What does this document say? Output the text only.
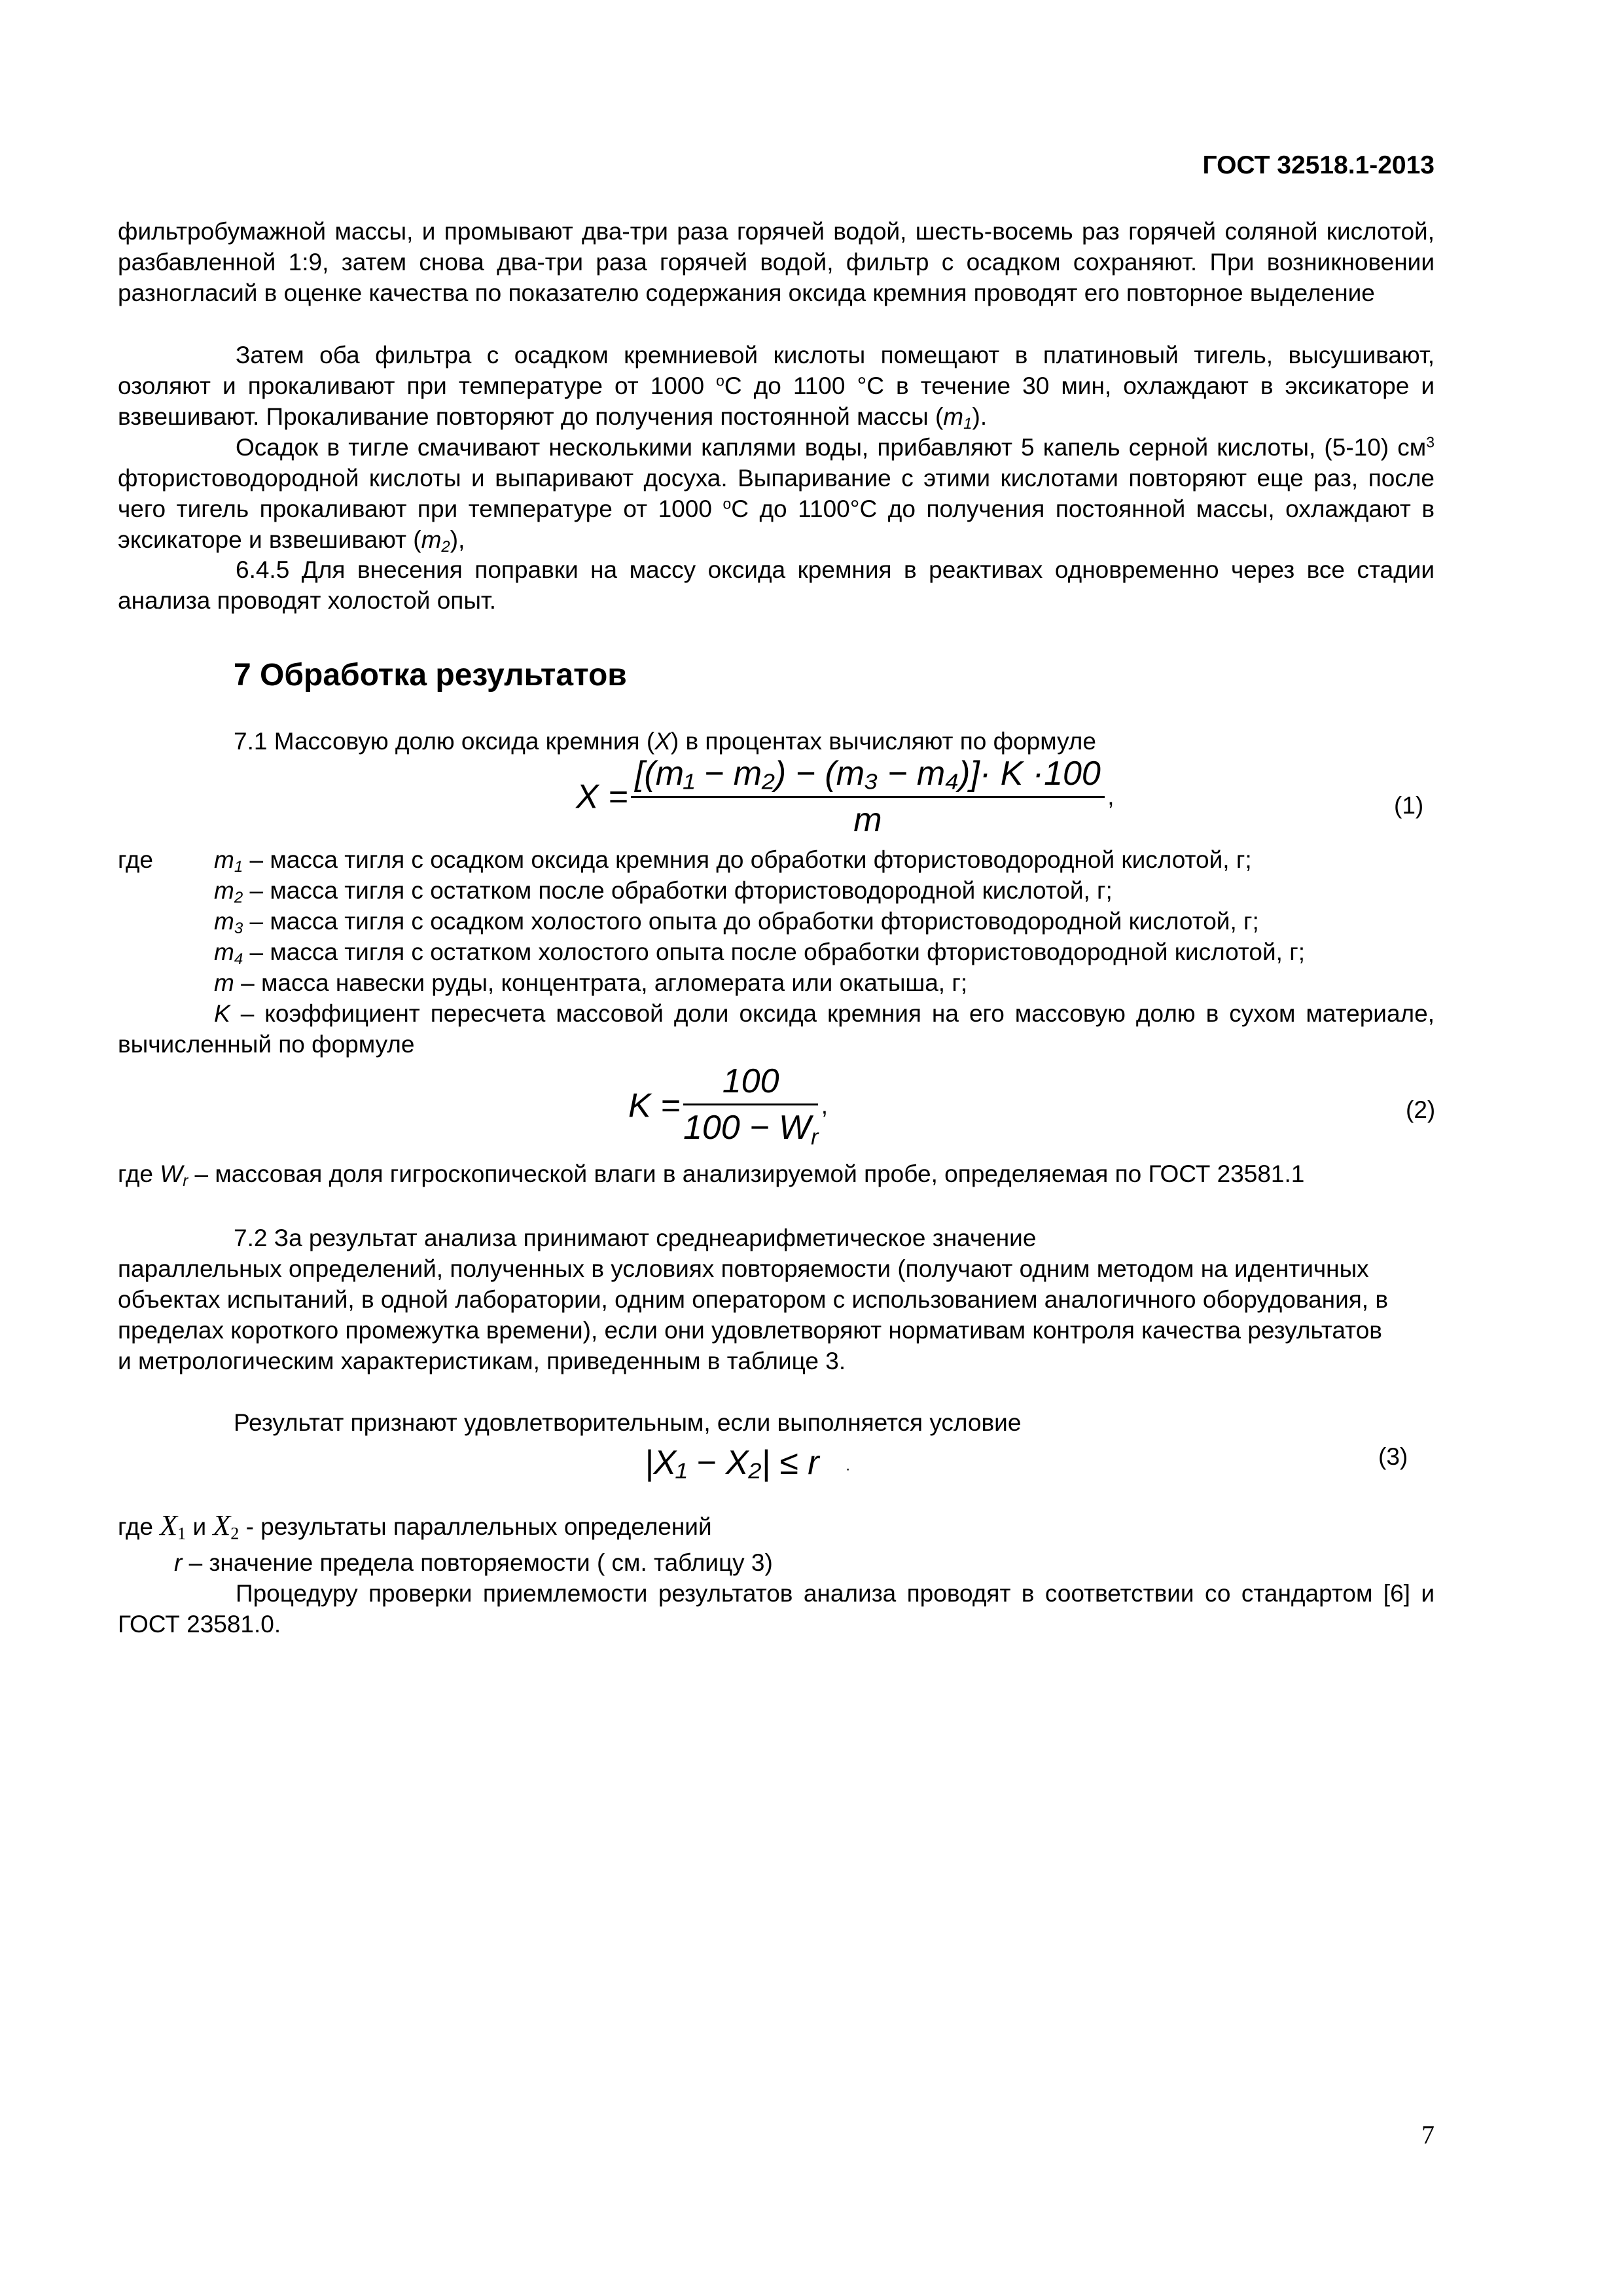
ГОСТ 32518.1-2013
фильтробумажной массы, и промывают два-три раза горячей водой, шесть-восемь раз горячей соляной кислотой, разбавленной 1:9, затем снова два-три раза горячей водой, фильтр с осадком сохраняют. При возникновении разногласий в оценке качества по показателю содержания оксида кремния проводят его повторное выделение
Затем оба фильтра с осадком кремниевой кислоты помещают в платиновый тигель, высушивают, озоляют и прокаливают при температуре от 1000 $^o$С до 1100 °С в течение 30 мин, охлаждают в эксикаторе и взвешивают. Прокаливание повторяют до получения постоянной массы $(m_1)$.
Осадок в тигле смачивают несколькими каплями воды, прибавляют 5 капель серной кислоты, (5-10) $см^3$ фтористоводородной кислоты и выпаривают досуха. Выпаривание с этими кислотами повторяют еще раз, после чего тигель прокаливают при температуре от 1000 $^o$С до 1100°С до получения постоянной массы, охлаждают в эксикаторе и взвешивают $(m_2)$,
6.4.5 Для внесения поправки на массу оксида кремния в реактивах одновременно через все стадии анализа проводят холостой опыт.
7 Обработка результатов
7.1 Массовую долю оксида кремния (X) в процентах вычисляют по формуле
$X = \frac{\text{[(m₁ − m₂) − (m₃ − m₄)]· K ·100}}{m}$ ,	(1)
где	$m_1$ – масса тигля с осадком оксида кремния до обработки фтористоводородной кислотой, г;
$m_2$ – масса тигля с остатком после обработки фтористоводородной кислотой, г;
$m_3$ – масса тигля с осадком холостого опыта до обработки фтористоводородной кислотой, г;
$m_4$ – масса тигля с остатком холостого опыта после обработки фтористоводородной кислотой, г;
m – масса навески руды, концентрата, агломерата или окатыша, г;
K – коэффициент пересчета массовой доли оксида кремния на его массовую долю в сухом материале, вычисленный по формуле
$K = \frac{100}{100 - W_r}$ ,	(2)
где $W_r$ – массовая доля гигроскопической влаги в анализируемой пробе, определяемая по ГОСТ 23581.1
7.2 За результат анализа принимают среднеарифметическое значение
параллельных определений, полученных в условиях повторяемости (получают одним методом на идентичных объектах испытаний, в одной лаборатории, одним оператором с использованием аналогичного оборудования, в пределах короткого промежутка времени), если они удовлетворяют нормативам контроля качества результатов и метрологическим характеристикам, приведенным в таблице 3.
Результат признают удовлетворительным, если выполняется условие
|X₁ − X₂| ≤ r ·	(3)
где $X_1$ и $X_2$ - результаты параллельных определений
r – значение предела повторяемости ( см. таблицу 3)
Процедуру проверки приемлемости результатов анализа проводят в соответствии со стандартом [6] и ГОСТ 23581.0.
7
